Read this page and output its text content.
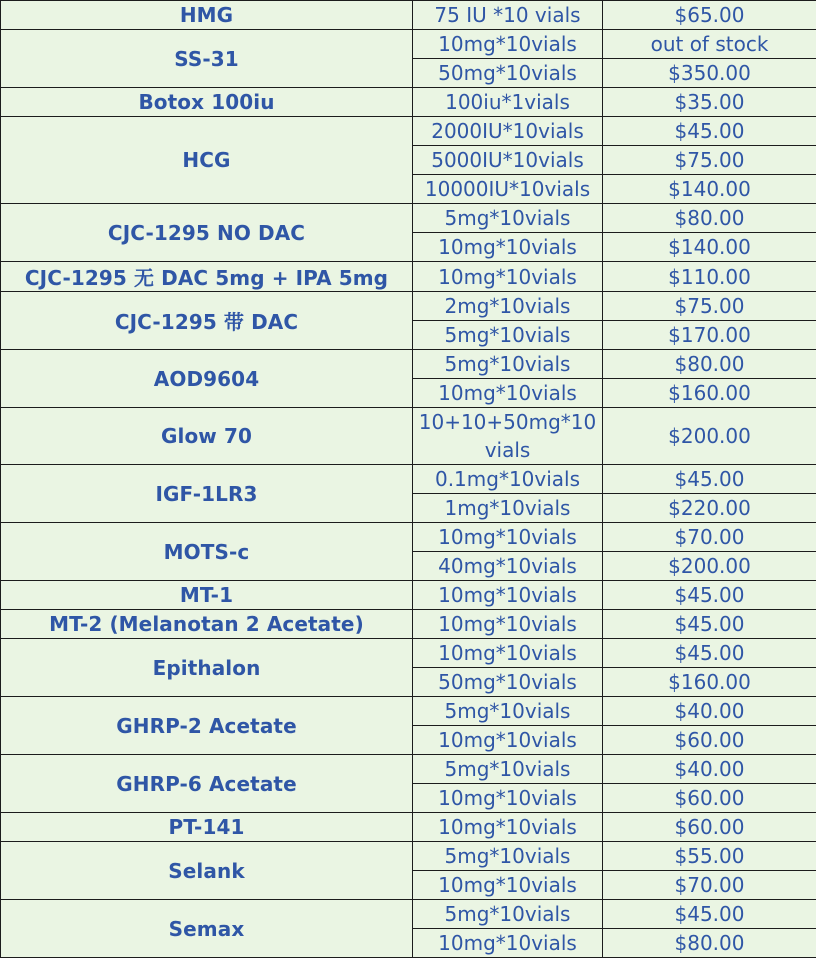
HMG	75 IU *10 vials	$65.00
SS-31	10mg*10vials	out of stock
	50mg*10vials	$350.00
Botox 100iu	100iu*1vials	$35.00
HCG	2000IU*10vials	$45.00
	5000IU*10vials	$75.00
	10000IU*10vials	$140.00
CJC-1295 NO DAC	5mg*10vials	$80.00
	10mg*10vials	$140.00
CJC-1295 无 DAC 5mg + IPA 5mg	10mg*10vials	$110.00
CJC-1295 带 DAC	2mg*10vials	$75.00
	5mg*10vials	$170.00
AOD9604	5mg*10vials	$80.00
	10mg*10vials	$160.00
Glow 70	10+10+50mg*10vials	$200.00
IGF-1LR3	0.1mg*10vials	$45.00
	1mg*10vials	$220.00
MOTS-c	10mg*10vials	$70.00
	40mg*10vials	$200.00
MT-1	10mg*10vials	$45.00
MT-2 (Melanotan 2 Acetate)	10mg*10vials	$45.00
Epithalon	10mg*10vials	$45.00
	50mg*10vials	$160.00
GHRP-2 Acetate	5mg*10vials	$40.00
	10mg*10vials	$60.00
GHRP-6 Acetate	5mg*10vials	$40.00
	10mg*10vials	$60.00
PT-141	10mg*10vials	$60.00
Selank	5mg*10vials	$55.00
	10mg*10vials	$70.00
Semax	5mg*10vials	$45.00
	10mg*10vials	$80.00
